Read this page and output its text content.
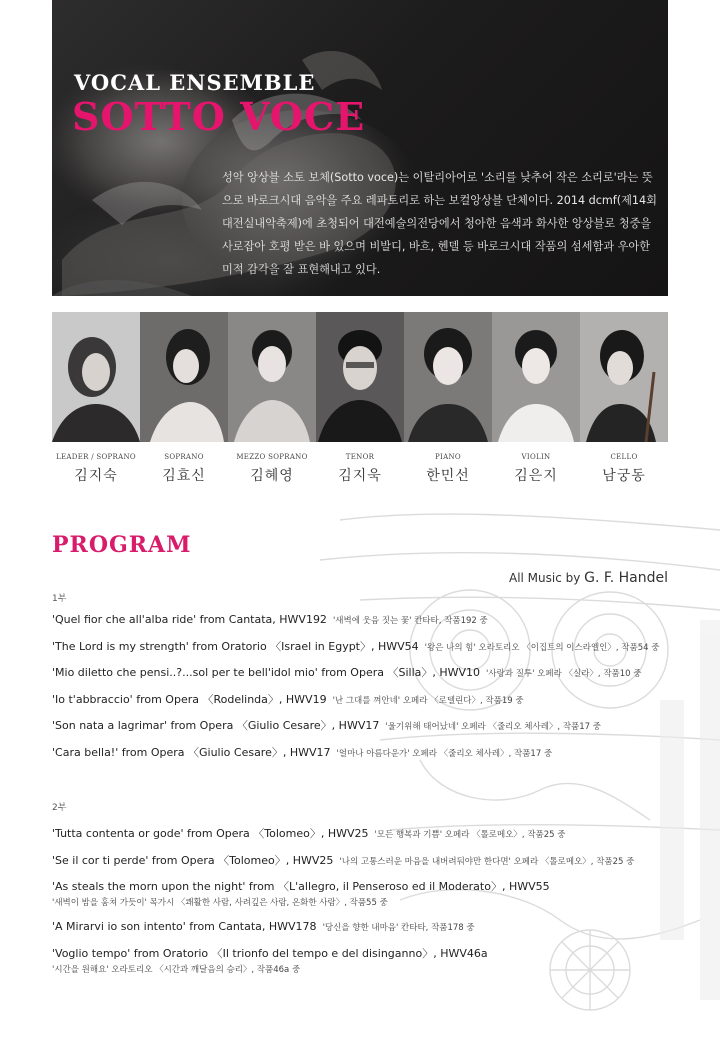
VOCAL ENSEMBLE
SOTTO VOCE

성악 앙상블 소토 보체(Sotto voce)는 이탈리아어로 '소리를 낮추어 작은 소리로'라는 뜻으로 바로크시대 음악을 주요 레파토리로 하는 보컬앙상블 단체이다. 2014 dcmf(제14회대전실내악축제)에 초청되어 대전예술의전당에서 청아한 음색과 화사한 앙상블로 청중을 사로잡아 호평 받은 바 있으며 비발디, 바흐, 헨델 등 바로크시대 작품의 섬세함과 우아한 미적 감각을 잘 표현해내고 있다.

LEADER / SOPRANO
김지숙
SOPRANO
김효신
MEZZO SOPRANO
김혜영
TENOR
김지욱
PIANO
한민선
VIOLIN
김은지
CELLO
남궁동
PROGRAM
All Music by G. F. Handel
1부
'Quel fior che all'alba ride' from Cantata, HWV192 '새벽에 웃음 짓는 꽃' 칸타타, 작품192 중
'The Lord is my strength' from Oratorio 〈Israel in Egypt〉, HWV54 '왕은 나의 힘' 오라토리오 〈이집트의 이스라엘인〉, 작품54 중
'Mio diletto che pensi..?...sol per te bell'idol mio' from Opera 〈Silla〉, HWV10 '사랑과 질투' 오페라 〈실라〉, 작품10 중
'Io t'abbraccio' from Opera 〈Rodelinda〉, HWV19 '난 그대를 껴안네' 오페라 〈로델린다〉, 작품19 중
'Son nata a lagrimar' from Opera 〈Giulio Cesare〉, HWV17 '울기위해 태어났네' 오페라 〈줄리오 체사레〉, 작품17 중
'Cara bella!' from Opera 〈Giulio Cesare〉, HWV17 '얼마나 아름다운가' 오페라 〈줄리오 체사레〉, 작품17 중
2부
'Tutta contenta or gode' from Opera 〈Tolomeo〉, HWV25 '모든 행복과 기쁨' 오페라 〈톨로메오〉, 작품25 중
'Se il cor ti perde' from Opera 〈Tolomeo〉, HWV25 '나의 고통스러운 마음을 내버려둬야만 한다면' 오페라 〈톨로메오〉, 작품25 중
'As steals the morn upon the night' from 〈L'allegro, il Penseroso ed il Moderato〉, HWV55
'새벽이 밤을 훔쳐 가듯이' 목가시 〈쾌활한 사람, 사려깊은 사람, 온화한 사람〉, 작품55 중
'A Mirarvi io son intento' from Cantata, HWV178 '당신을 향한 내마음' 칸타타, 작품178 중
'Voglio tempo' from Oratorio 〈Il trionfo del tempo e del disinganno〉, HWV46a
'시간을 원해요' 오라토리오 〈시간과 깨달음의 승리〉, 작품46a 중
